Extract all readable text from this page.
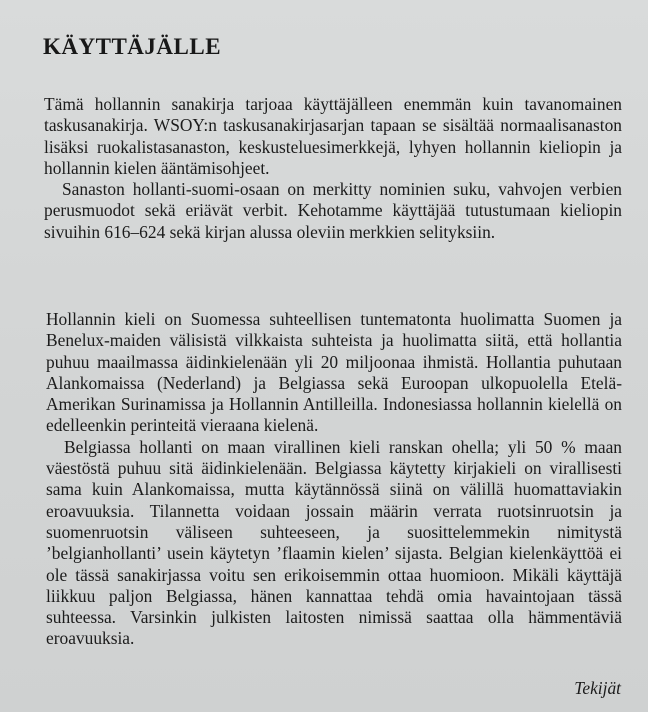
KÄYTTÄJÄLLE

Tämä hollannin sanakirja tarjoaa käyttäjälleen enemmän kuin tavanomainen taskusanakirja. WSOY:n taskusanakirjasarjan tapaan se sisältää normaalisanaston lisäksi ruokalistasanaston, keskusteluesimerkkejä, lyhyen hollannin kieliopin ja hollannin kielen ääntämisohjeet.

Sanaston hollanti-suomi-osaan on merkitty nominien suku, vahvojen verbien perusmuodot sekä eriävät verbit. Kehotamme käyttäjää tutustumaan kieliopin sivuihin 616–624 sekä kirjan alussa oleviin merkkien selityksiin.

Hollannin kieli on Suomessa suhteellisen tuntematonta huolimatta Suomen ja Benelux-maiden välisistä vilkkaista suhteista ja huolimatta siitä, että hollantia puhuu maailmassa äidinkielenään yli 20 miljoonaa ihmistä. Hollantia puhutaan Alankomaissa (Nederland) ja Belgiassa sekä Euroopan ulkopuolella Etelä-Amerikan Surinamissa ja Hollannin Antilleilla. Indonesiassa hollannin kielellä on edelleenkin perinteitä vieraana kielenä.

Belgiassa hollanti on maan virallinen kieli ranskan ohella; yli 50 % maan väestöstä puhuu sitä äidinkielenään. Belgiassa käytetty kirjakieli on virallisesti sama kuin Alankomaissa, mutta käytännössä siinä on välillä huomattaviakin eroavuuksia. Tilannetta voidaan jossain määrin verrata ruotsinruotsin ja suomenruotsin väliseen suhteeseen, ja suosittelemmekin nimitystä ’belgianhollanti’ usein käytetyn ’flaamin kielen’ sijasta. Belgian kielenkäyttöä ei ole tässä sanakirjassa voitu sen erikoisemmin ottaa huomioon. Mikäli käyttäjä liikkuu paljon Belgiassa, hänen kannattaa tehdä omia havaintojaan tässä suhteessa. Varsinkin julkisten laitosten nimissä saattaa olla hämmentäviä eroavuuksia.

Tekijät
